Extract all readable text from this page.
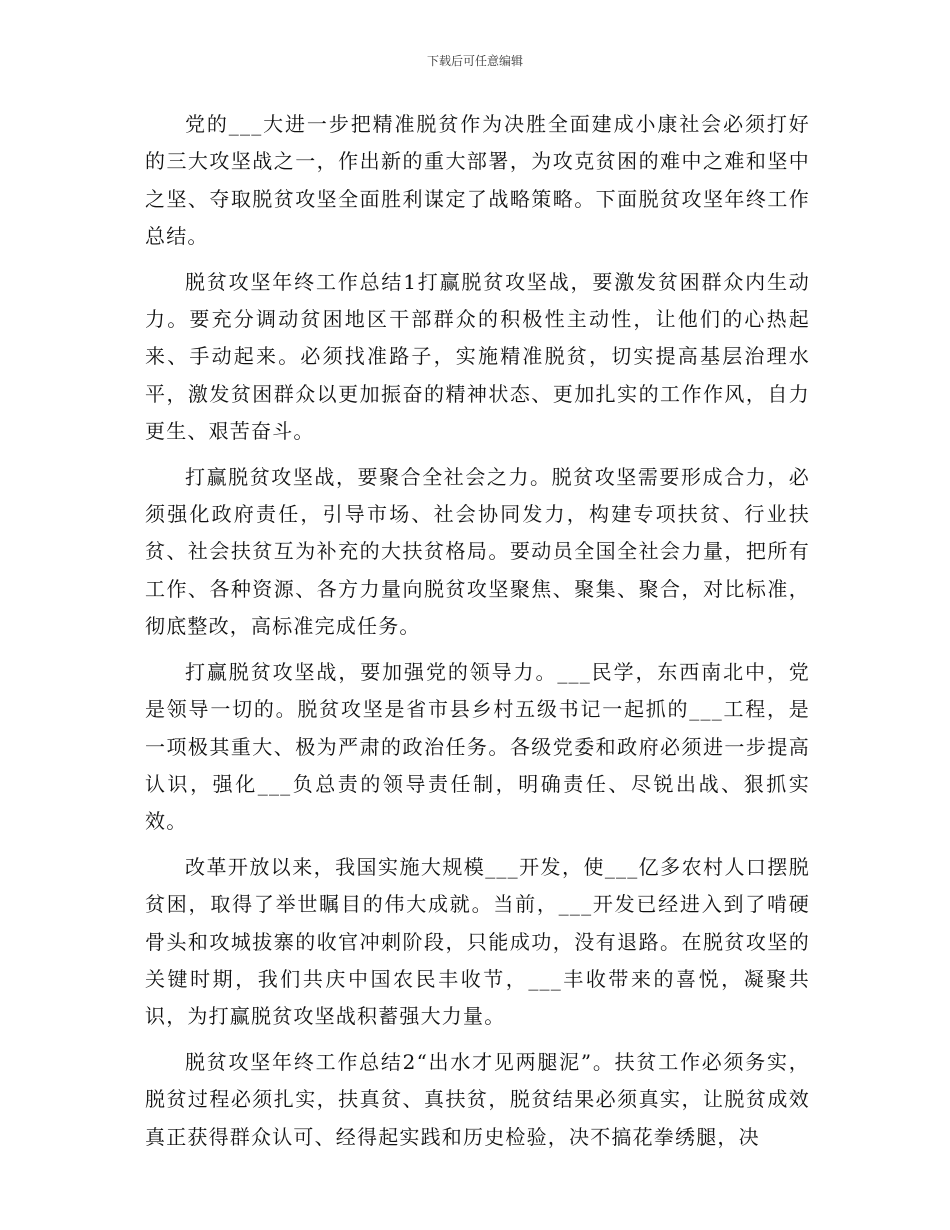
下载后可任意编辑

党的___大进一步把精准脱贫作为决胜全面建成小康社会必须打好的三大攻坚战之一，作出新的重大部署，为攻克贫困的难中之难和坚中之坚、夺取脱贫攻坚全面胜利谋定了战略策略。下面脱贫攻坚年终工作总结。

脱贫攻坚年终工作总结1打赢脱贫攻坚战，要激发贫困群众内生动力。要充分调动贫困地区干部群众的积极性主动性，让他们的心热起来、手动起来。必须找准路子，实施精准脱贫，切实提高基层治理水平，激发贫困群众以更加振奋的精神状态、更加扎实的工作作风，自力更生、艰苦奋斗。

打赢脱贫攻坚战，要聚合全社会之力。脱贫攻坚需要形成合力，必须强化政府责任，引导市场、社会协同发力，构建专项扶贫、行业扶贫、社会扶贫互为补充的大扶贫格局。要动员全国全社会力量，把所有工作、各种资源、各方力量向脱贫攻坚聚焦、聚集、聚合，对比标准，彻底整改，高标准完成任务。

打赢脱贫攻坚战，要加强党的领导力。___民学，东西南北中，党是领导一切的。脱贫攻坚是省市县乡村五级书记一起抓的___工程，是一项极其重大、极为严肃的政治任务。各级党委和政府必须进一步提高认识，强化___负总责的领导责任制，明确责任、尽锐出战、狠抓实效。

改革开放以来，我国实施大规模___开发，使___亿多农村人口摆脱贫困，取得了举世瞩目的伟大成就。当前，___开发已经进入到了啃硬骨头和攻城拔寨的收官冲刺阶段，只能成功，没有退路。在脱贫攻坚的关键时期，我们共庆中国农民丰收节，___丰收带来的喜悦，凝聚共识，为打赢脱贫攻坚战积蓄强大力量。

脱贫攻坚年终工作总结2“出水才见两腿泥”。扶贫工作必须务实，脱贫过程必须扎实，扶真贫、真扶贫，脱贫结果必须真实，让脱贫成效真正获得群众认可、经得起实践和历史检验，决不搞花拳绣腿，决
